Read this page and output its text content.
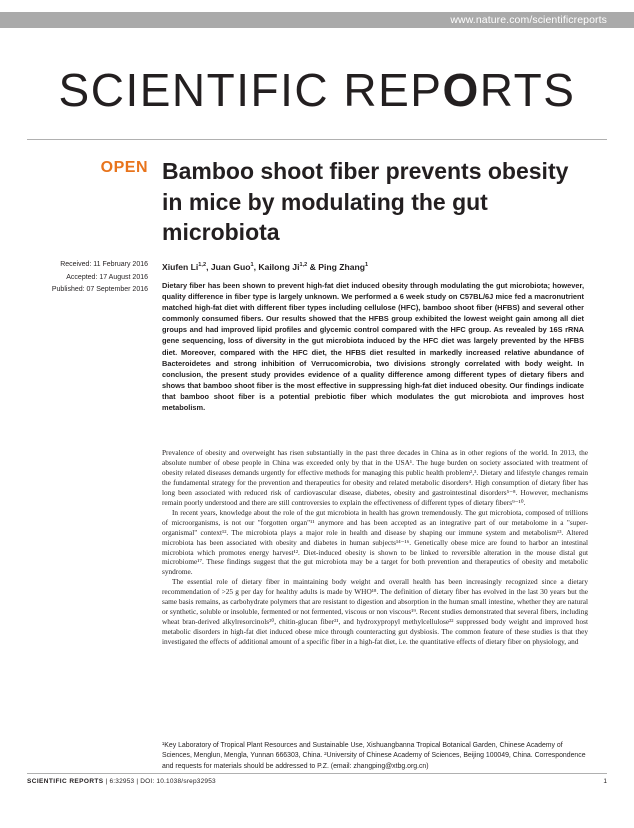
www.nature.com/scientificreports
SCIENTIFIC REPORTS
OPEN Bamboo shoot fiber prevents obesity in mice by modulating the gut microbiota
Received: 11 February 2016
Accepted: 17 August 2016
Published: 07 September 2016
Xiufen Li$^{1,2}$, Juan Guo$^1$, Kailong Ji$^{1,2}$ & Ping Zhang$^1$
Dietary fiber has been shown to prevent high-fat diet induced obesity through modulating the gut microbiota; however, quality difference in fiber type is largely unknown. We performed a 6 week study on C57BL/6J mice fed a macronutrient matched high-fat diet with different fiber types including cellulose (HFC), bamboo shoot fiber (HFBS) and several other commonly consumed fibers. Our results showed that the HFBS group exhibited the lowest weight gain among all diet groups and had improved lipid profiles and glycemic control compared with the HFC group. As revealed by 16S rRNA gene sequencing, loss of diversity in the gut microbiota induced by the HFC diet was largely prevented by the HFBS diet. Moreover, compared with the HFC diet, the HFBS diet resulted in markedly increased relative abundance of Bacteroidetes and strong inhibition of Verrucomicrobia, two divisions strongly correlated with body weight. In conclusion, the present study provides evidence of a quality difference among different types of dietary fibers and shows that bamboo shoot fiber is the most effective in suppressing high-fat diet induced obesity. Our findings indicate that bamboo shoot fiber is a potential prebiotic fiber which modulates the gut microbiota and improves host metabolism.

Prevalence of obesity and overweight has risen substantially in the past three decades in China as in other regions of the world. In 2013, the absolute number of obese people in China was exceeded only by that in the USA¹. The huge burden on society associated with treatment of obesity related diseases demands urgently for effective methods for managing this public health problem²,³. Dietary and lifestyle changes remain the fundamental strategy for the prevention and therapeutics for obesity and related metabolic disorders⁴. High consumption of dietary fiber has long been associated with reduced risk of cardiovascular disease, diabetes, obesity and gastrointestinal disorders⁵⁻⁸. However, mechanisms remain poorly understood and there are still controversies to explain the effectiveness of different types of dietary fibers⁹⁻¹⁰.

In recent years, knowledge about the role of the gut microbiota in health has grown tremendously. The gut microbiota, composed of trillions of microorganisms, is not our "forgotten organ"¹¹ anymore and has been accepted as an integrative part of our metabolome in a "super-organismal" context¹². The microbiota plays a major role in health and disease by shaping our immune system and metabolism¹³. Altered microbiota has been associated with obesity and diabetes in human subjects¹⁴⁻¹⁶. Genetically obese mice are found to harbor an intestinal microbiota which promotes energy harvest¹². Diet-induced obesity is shown to be linked to reversible alteration in the mouse distal gut microbiome¹⁷. These findings suggest that the gut microbiota may be a target for both prevention and therapeutics of obesity and metabolic syndrome.

The essential role of dietary fiber in maintaining body weight and overall health has been increasingly recognized since a dietary recommendation of >25 g per day for healthy adults is made by WHO¹⁸. The definition of dietary fiber has evolved in the last 30 years but the same basis remains, as carbohydrate polymers that are resistant to digestion and absorption in the human small intestine, whether they are natural or synthetic, soluble or insoluble, fermented or not fermented, viscous or non viscous¹⁹. Recent studies demonstrated that several fibers, including wheat bran-derived alkylresorcinols²⁰, chitin-glucan fiber²¹, and hydroxypropyl methylcellulose²² suppressed body weight and improved host metabolic disorders in high-fat diet induced obese mice through counteracting gut dysbiosis. The common feature of these studies is that they investigated the effects of additional amount of a specific fiber in a high-fat diet, i.e. the quantitative effects of dietary fiber on physiology, and

¹Key Laboratory of Tropical Plant Resources and Sustainable Use, Xishuangbanna Tropical Botanical Garden, Chinese Academy of Sciences, Menglun, Mengla, Yunnan 666303, China. ²University of Chinese Academy of Sciences, Beijing 100049, China. Correspondence and requests for materials should be addressed to P.Z. (email: zhangping@xtbg.org.cn)
SCIENTIFIC REPORTS | 6:32953 | DOI: 10.1038/srep32953	1
